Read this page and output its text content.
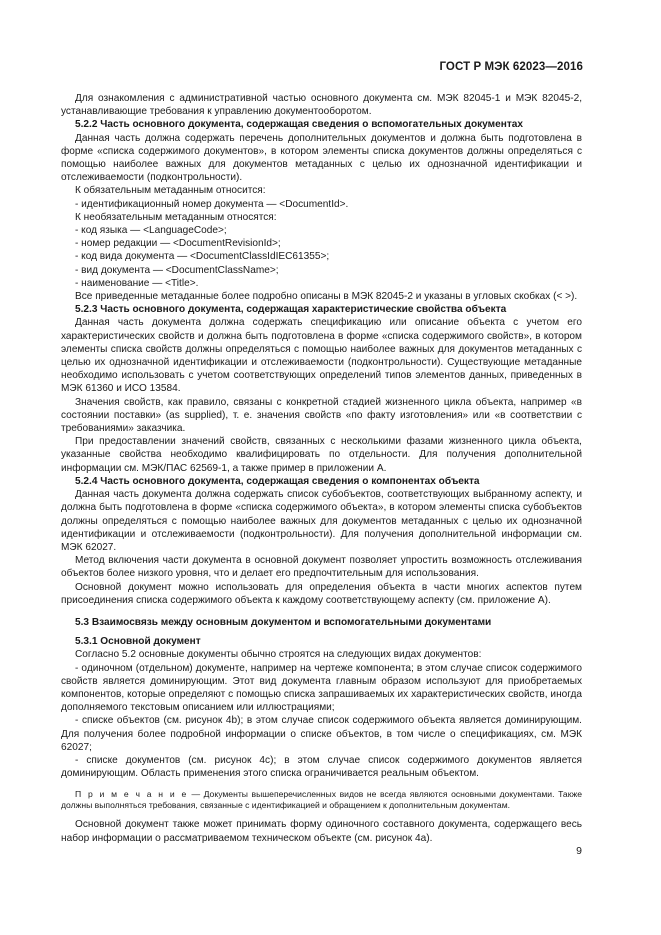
ГОСТ Р МЭК 62023—2016

Для ознакомления с административной частью основного документа см. МЭК 82045-1 и МЭК 82045-2, устанавливающие требования к управлению документооборотом.

5.2.2 Часть основного документа, содержащая сведения о вспомогательных документах

Данная часть должна содержать перечень дополнительных документов и должна быть подготовлена в форме «списка содержимого документов», в котором элементы списка документов должны определяться с помощью наиболее важных для документов метаданных с целью их однозначной идентификации и отслеживаемости (подконтрольности).

К обязательным метаданным относится:

- идентификационный номер документа — <DocumentId>.

К необязательным метаданным относятся:

- код языка — <LanguageCode>;

- номер редакции — <DocumentRevisionId>;

- код вида документа — <DocumentClassIdIEC61355>;

- вид документа — <DocumentClassName>;

- наименование — <Title>.

Все приведенные метаданные более подробно описаны в МЭК 82045-2 и указаны в угловых скобках (< >).

5.2.3 Часть основного документа, содержащая характеристические свойства объекта

Данная часть документа должна содержать спецификацию или описание объекта с учетом его характеристических свойств и должна быть подготовлена в форме «списка содержимого свойств», в котором элементы списка свойств должны определяться с помощью наиболее важных для документов метаданных с целью их однозначной идентификации и отслеживаемости (подконтрольности). Существующие метаданные необходимо использовать с учетом соответствующих определений типов элементов данных, приведенных в МЭК 61360 и ИСО 13584.

Значения свойств, как правило, связаны с конкретной стадией жизненного цикла объекта, например «в состоянии поставки» (as supplied), т. е. значения свойств «по факту изготовления» или «в соответствии с требованиями» заказчика.

При предоставлении значений свойств, связанных с несколькими фазами жизненного цикла объекта, указанные свойства необходимо квалифицировать по отдельности. Для получения дополнительной информации см. МЭК/ПАС 62569-1, а также пример в приложении А.

5.2.4 Часть основного документа, содержащая сведения о компонентах объекта

Данная часть документа должна содержать список субобъектов, соответствующих выбранному аспекту, и должна быть подготовлена в форме «списка содержимого объекта», в котором элементы списка субобъектов должны определяться с помощью наиболее важных для документов метаданных с целью их однозначной идентификации и отслеживаемости (подконтрольности). Для получения дополнительной информации см. МЭК 62027.

Метод включения части документа в основной документ позволяет упростить возможность отслеживания объектов более низкого уровня, что и делает его предпочтительным для использования.

Основной документ можно использовать для определения объекта в части многих аспектов путем присоединения списка содержимого объекта к каждому соответствующему аспекту (см. приложение А).

5.3 Взаимосвязь между основным документом и вспомогательными документами

5.3.1 Основной документ

Согласно 5.2 основные документы обычно строятся на следующих видах документов:

- одиночном (отдельном) документе, например на чертеже компонента; в этом случае список содержимого свойств является доминирующим. Этот вид документа главным образом используют для приобретаемых компонентов, которые определяют с помощью списка запрашиваемых их характеристических свойств, иногда дополняемого текстовым описанием или иллюстрациями;

- списке объектов (см. рисунок 4b); в этом случае список содержимого объекта является доминирующим. Для получения более подробной информации о списке объектов, в том числе о спецификациях, см. МЭК 62027;

- списке документов (см. рисунок 4c); в этом случае список содержимого документов является доминирующим. Область применения этого списка ограничивается реальным объектом.

П р и м е ч а н и е — Документы вышеперечисленных видов не всегда являются основными документами. Также должны выполняться требования, связанные с идентификацией и обращением к дополнительным документам.

Основной документ также может принимать форму одиночного составного документа, содержащего весь набор информации о рассматриваемом техническом объекте (см. рисунок 4a).

9
